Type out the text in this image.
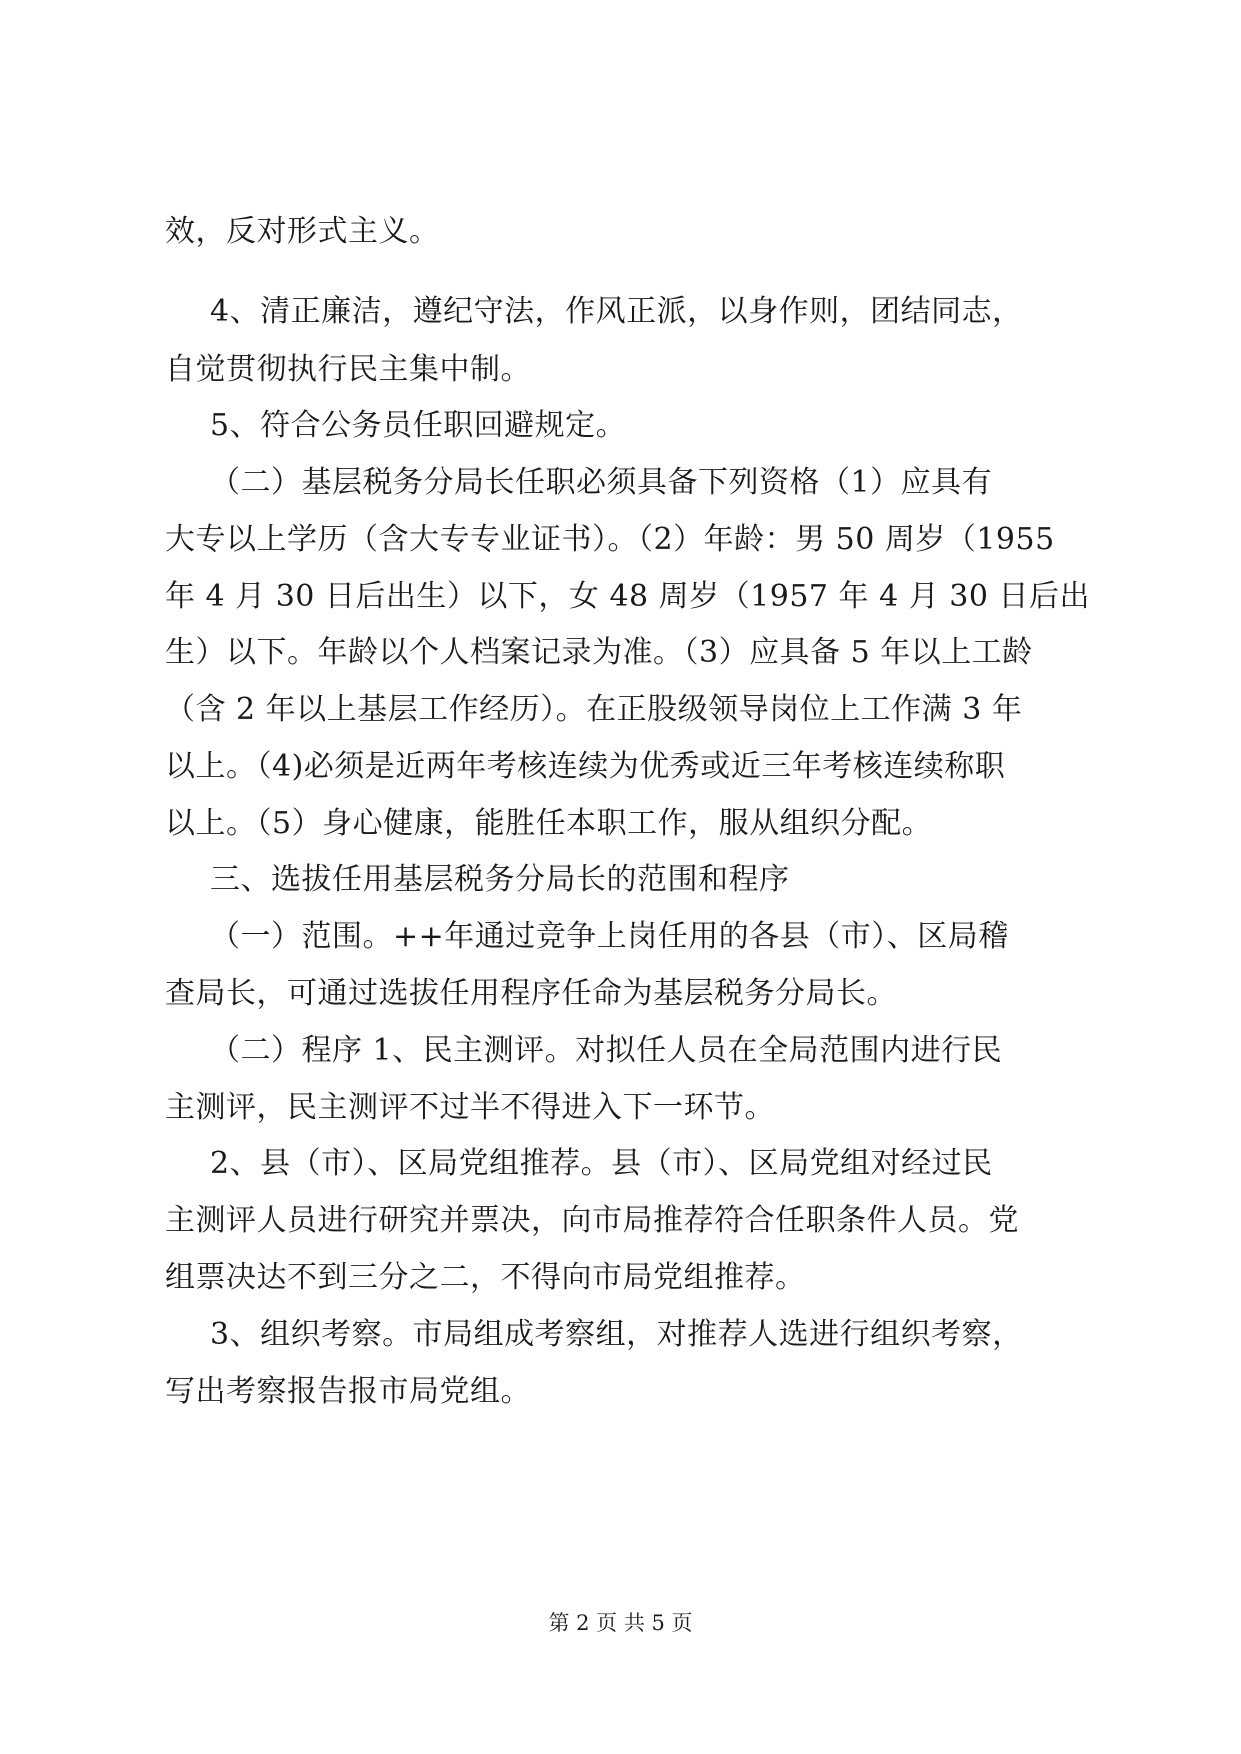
效，反对形式主义。
4、清正廉洁，遵纪守法，作风正派，以身作则，团结同志，
自觉贯彻执行民主集中制。
5、符合公务员任职回避规定。
（二）基层税务分局长任职必须具备下列资格（1）应具有
大专以上学历（含大专专业证书）。（2）年龄：男 50 周岁（1955
年 4 月 30 日后出生）以下，女 48 周岁（1957 年 4 月 30 日后出
生）以下。年龄以个人档案记录为准。（3）应具备 5 年以上工龄
（含 2 年以上基层工作经历）。在正股级领导岗位上工作满 3 年
以上。（4)必须是近两年考核连续为优秀或近三年考核连续称职
以上。（5）身心健康，能胜任本职工作，服从组织分配。
三、选拔任用基层税务分局长的范围和程序
（一）范围。++年通过竞争上岗任用的各县（市）、区局稽
查局长，可通过选拔任用程序任命为基层税务分局长。
（二）程序 1、民主测评。对拟任人员在全局范围内进行民
主测评，民主测评不过半不得进入下一环节。
2、县（市）、区局党组推荐。县（市）、区局党组对经过民
主测评人员进行研究并票决，向市局推荐符合任职条件人员。党
组票决达不到三分之二，不得向市局党组推荐。
3、组织考察。市局组成考察组，对推荐人选进行组织考察，
写出考察报告报市局党组。
第 2 页 共 5 页
